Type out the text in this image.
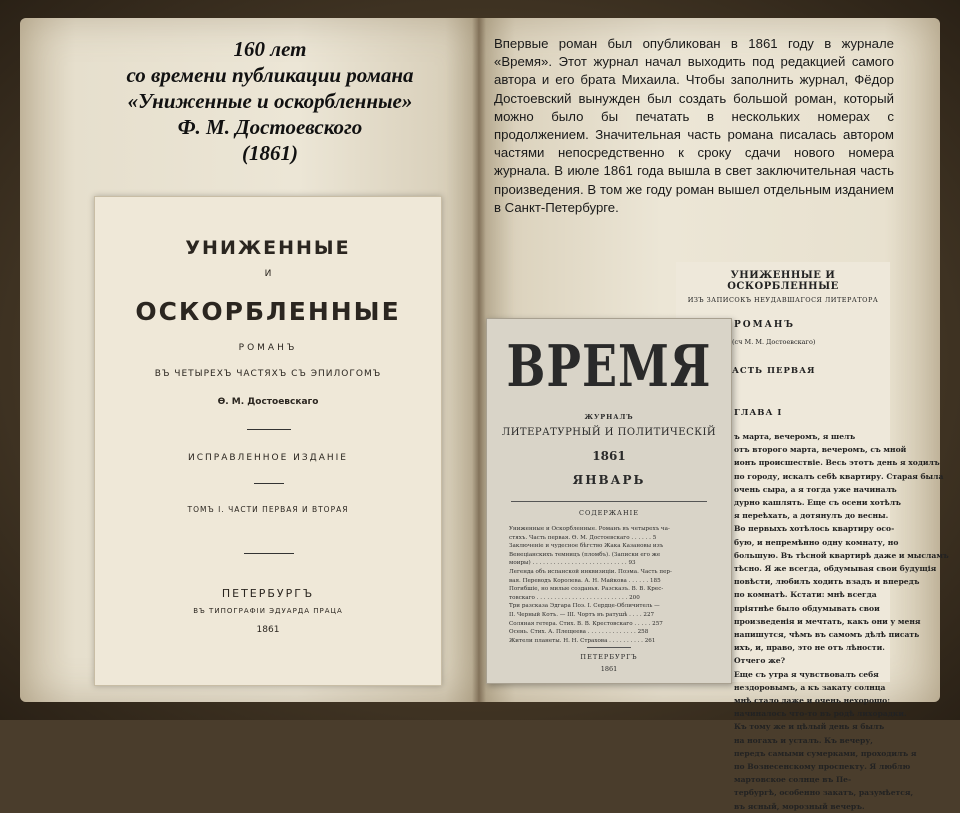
160 лет
со времени публикации романа
«Униженные и оскорбленные»
Ф. М. Достоевского
(1861)
УНИЖЕННЫЕ
И
ОСКОРБЛЕННЫЕ
РОМАНЪ
ВЪ ЧЕТЫРЕХЪ ЧАСТЯХЪ СЪ ЭПИЛОГОМЪ
Ѳ. М. Достоевскаго
ИСПРАВЛЕННОЕ ИЗДАНІЕ
ТОМЪ I. ЧАСТИ ПЕРВАЯ И ВТОРАЯ
ПЕТЕРБУРГЪ
ВЪ ТИПОГРАФІИ ЭДУАРДА ПРАЦА
1861
Впервые роман был опубликован в 1861 году в журнале «Время». Этот журнал начал выходить под редакцией самого автора и его брата Михаила. Чтобы заполнить журнал, Фёдор Достоевский вынужден был создать большой роман, который можно было бы печатать в нескольких номерах с продолжением. Значительная часть романа писалась автором частями непосредственно к сроку сдачи нового номера журнала. В июле 1861 года вышла в свет заключительная часть произведения. В том же году роман вышел отдельным изданием в Санкт-Петербурге.
УНИЖЕННЫЕ И ОСКОРБЛЕННЫЕ
ИЗЪ ЗАПИСОКЪ НЕУДАВШАГОСЯ ЛИТЕРАТОРА
РОМАНЪ
(сч М. М. Достоевскаго)
АСТЬ ПЕРВАЯ
ГЛАВА I
ъ марта, вечеромъ, я шелъ
отъ второго марта, вечеромъ, съ мной
ионъ происшествіе. Весь этотъ день я ходилъ
по городу, искалъ себѣ квартиру. Старая была
очень сыра, а я тогда уже начиналъ
дурно кашлять. Еще съ осени хотѣлъ
я переѣхать, а дотянулъ до весны.
Во первыхъ хотѣлось квартиру осо-
бую, и непремѣнно одну комнату, но
большую. Въ тѣсной квартирѣ даже и мысламъ
тѣсно. Я же всегда, обдумывая свои будущія
повѣсти, любилъ ходить взадъ и впередъ
по комнатѣ. Кстати: мнѣ всегда
пріятнѣе было обдумывать свои
произведенія и мечтать, какъ они у меня
напишутся, чѣмъ въ самомъ дѣлѣ писать
ихъ, и, право, это не отъ лѣности.
Отчего же?
Еще съ утра я чувствовалъ себя
нездоровымъ, а къ закату солнца
мнѣ стало даже и очень нехорошо:
начиналось что-то въ родѣ лихорадки.
Къ тому же и цѣлый день я былъ
на ногахъ и усталъ. Къ вечеру,
передъ самыми сумерками, проходилъ я
по Вознесенскому проспекту. Я люблю
мартовское солнце въ Пе-
тербургѣ, особенно закатъ, разумѣется,
въ ясный, морозный вечеръ.
ВРЕМЯ
ЖУРНАЛЪ
ЛИТЕРАТУРНЫЙ И ПОЛИТИЧЕСКІЙ
1861
ЯНВАРЬ
СОДЕРЖАНІЕ
Униженные и Оскорбленные. Романъ въ четырехъ ча-
стяхъ. Часть первая. Ѳ. М. Достоевскаго . . . . . . 5
Заключеніе и чудесное бѣгство Жака Казановы изъ
Венеціанскихъ темницъ (пломбъ). (Записки его же
моиры) . . . . . . . . . . . . . . . . . . . . . . . . . . . 93
Легенда объ испанской инквизиціи. Поэма. Часть пер-
вая. Переводъ Королева. А. Н. Майкова . . . . . . 185
Погибшіе, но милые созданья. Разсказъ. В. В. Крес-
товскаго . . . . . . . . . . . . . . . . . . . . . . . . . . 200
Три разсказа Эдгара Поэ. I. Сердце-Обличитель —
II. Черный Котъ. — III. Чортъ въ ратушѣ . . . . 227
Соляная гетера. Стих. В. В. Крестовскаго . . . . . 257
Осень. Стих. А. Плещеева . . . . . . . . . . . . . . 258
Жители планеты. Н. Н. Страхова . . . . . . . . . . 261
ПЕТЕРБУРГЪ
1861
